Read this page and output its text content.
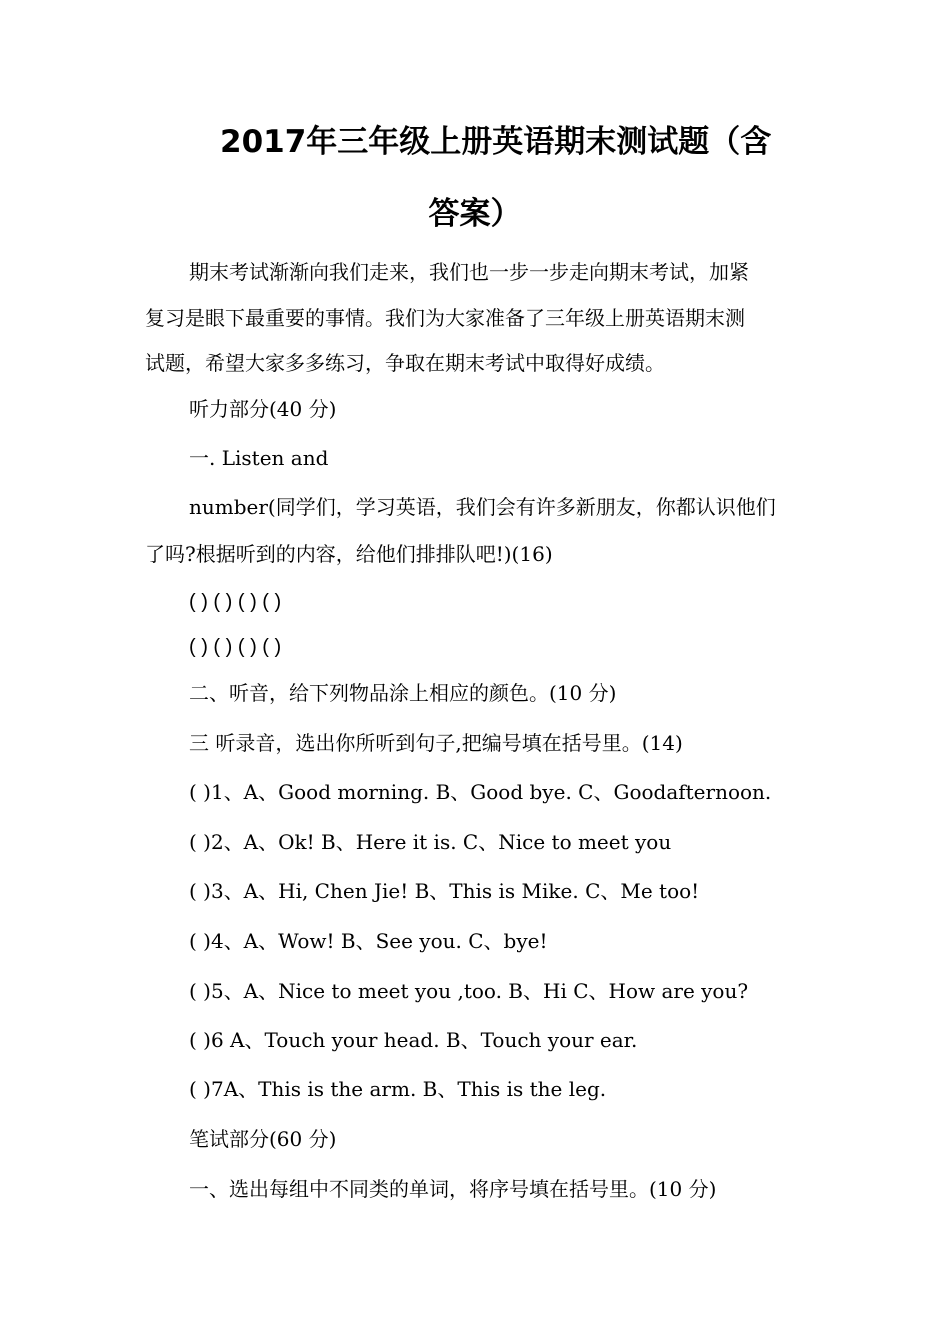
2017年三年级上册英语期末测试题（含
答案）
期末考试渐渐向我们走来，我们也一步一步走向期末考试，加紧
复习是眼下最重要的事情。我们为大家准备了三年级上册英语期末测
试题，希望大家多多练习，争取在期末考试中取得好成绩。
听力部分(40 分)
一. Listen and
number(同学们，学习英语，我们会有许多新朋友，你都认识他们
了吗?根据听到的内容，给他们排排队吧!)(16)
( ) ( ) ( ) ( )
( ) ( ) ( ) ( )
二、听音，给下列物品涂上相应的颜色。(10 分)
三 听录音，选出你所听到句子,把编号填在括号里。(14)
( )1、A、Good morning. B、Good bye. C、Goodafternoon.
( )2、A、Ok! B、Here it is. C、Nice to meet you
( )3、A、Hi, Chen Jie! B、This is Mike. C、Me too!
( )4、A、Wow! B、See you. C、bye!
( )5、A、Nice to meet you ,too. B、Hi C、How are you?
( )6 A、Touch your head. B、Touch your ear.
( )7A、This is the arm. B、This is the leg.
笔试部分(60 分)
一、选出每组中不同类的单词，将序号填在括号里。(10 分)
